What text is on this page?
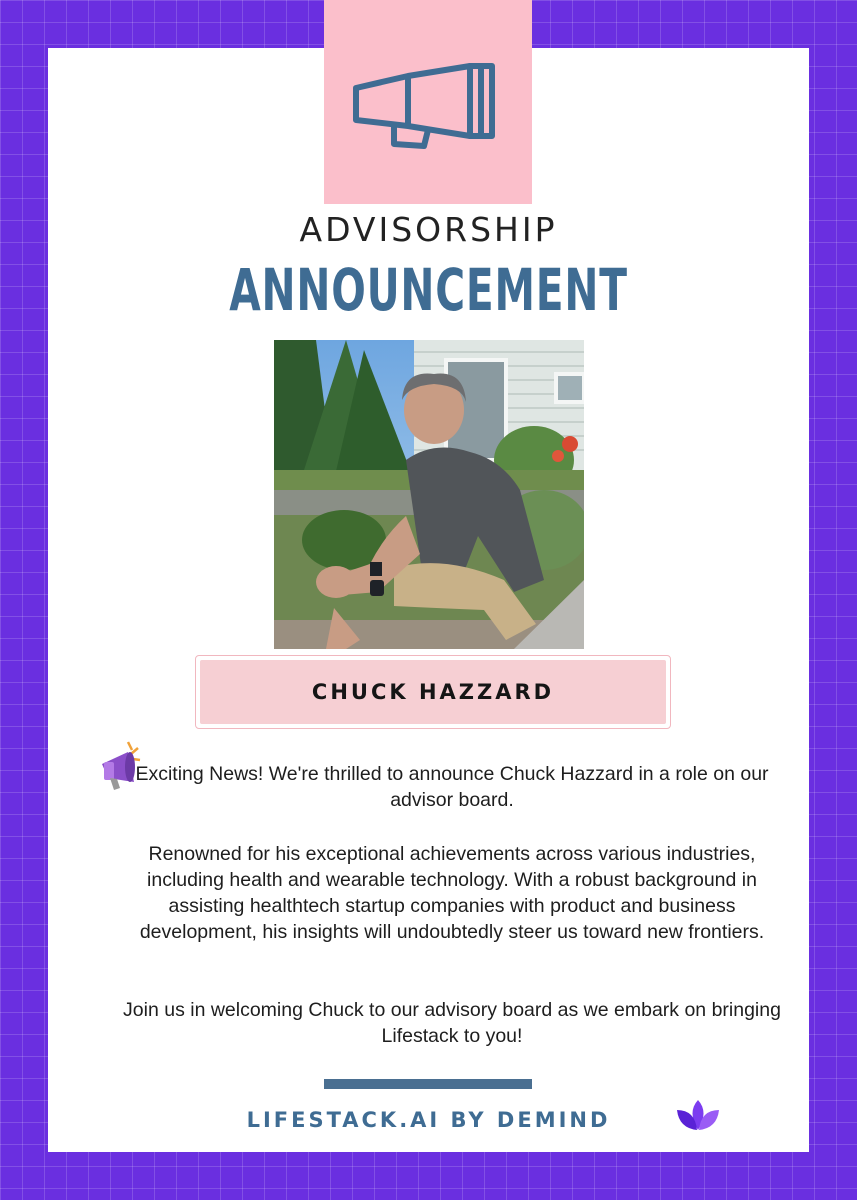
ADVISORSHIP
ANNOUNCEMENT
CHUCK HAZZARD

Exciting News! We're thrilled to announce Chuck Hazzard in a role on our advisor board.

Renowned for his exceptional achievements across various industries, including health and wearable technology. With a robust background in assisting healthtech startup companies with product and business development, his insights will undoubtedly steer us toward new frontiers.

Join us in welcoming Chuck to our advisory board as we embark on bringing Lifestack to you!

LIFESTACK.AI BY DEMIND
